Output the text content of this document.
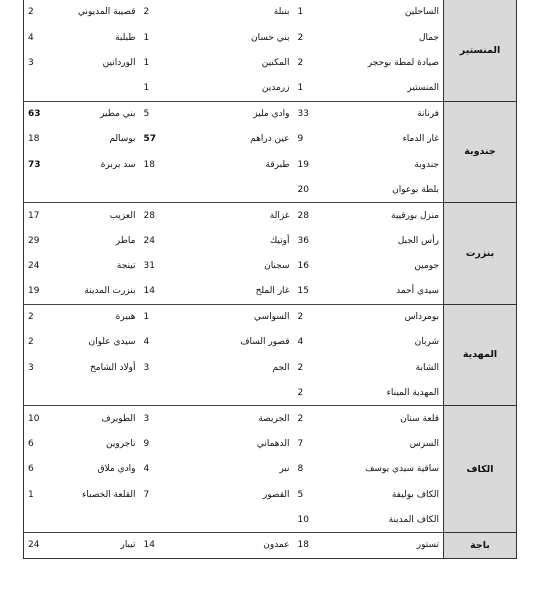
2	قصيبة المديوني	2	بنبلة	1	الساحلين	المنستير
4	طبلبة	1	بني حسان	2	جمال	
3	الوردانين	1	المكنين	2	صيادة لمطة بوحجر	
		1	زرمدين	1	المنستير	
63	بني مطير	5	وادي مليز	33	فرنانة	جندوبة
18	بوسالم	57	عين دراهم	9	غار الدماء	
73	سد بربرة	18	طبرقة	19	جندوبة	
				20	بلطة بوعوان	
17	العزيب	28	غزالة	28	منزل بورقيبة	بنزرت
29	ماطر	24	أوتيك	36	رأس الجبل	
24	تينجة	31	سجنان	16	جومين	
19	بنزرت المدينة	14	غار الملح	15	سيدي أحمد	
2	هبيرة	1	السواسي	2	بومرداس	المهدية
2	سيدي علوان	4	قصور الساف	4	شربان	
3	أولاد الشامخ	3	الجم	2	الشابة	
				2	المهدية الميناء	
10	الطويرف	3	الجريصة	2	قلعة سنان	الكاف
6	تاجروين	9	الدهماني	7	السرس	
6	وادي ملاق	4	نبر	8	ساقية سيدي يوسف	
1	القلعة الخصباء	7	القصور	5	الكاف بوليفة	
				10	الكاف المدينة	
24	تيبار	14	عمدون	18	تستور	باجة
